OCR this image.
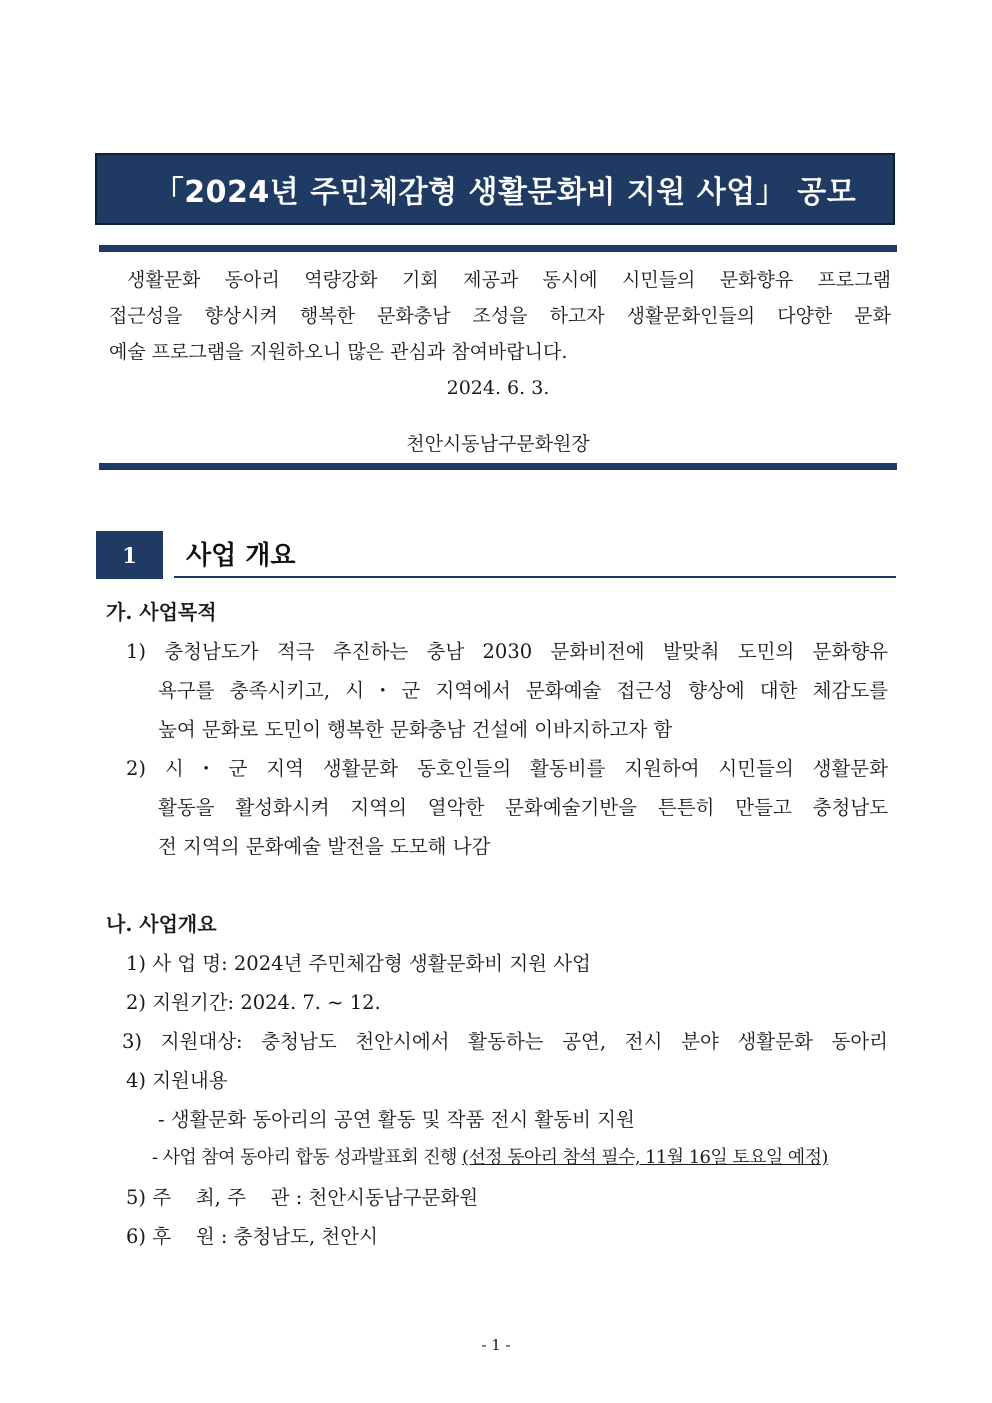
「2024년 주민체감형 생활문화비 지원 사업」 공모
생활문화 동아리 역량강화 기회 제공과 동시에 시민들의 문화향유 프로그램
접근성을 향상시켜 행복한 문화충남 조성을 하고자 생활문화인들의 다양한 문화
예술 프로그램을 지원하오니 많은 관심과 참여바랍니다.
2024. 6. 3.
천안시동남구문화원장
1	사업 개요
가. 사업목적
1) 충청남도가 적극 추진하는 충남 2030 문화비전에 발맞춰 도민의 문화향유
욕구를 충족시키고, 시・군 지역에서 문화예술 접근성 향상에 대한 체감도를
높여 문화로 도민이 행복한 문화충남 건설에 이바지하고자 함
2) 시・군 지역 생활문화 동호인들의 활동비를 지원하여 시민들의 생활문화
활동을 활성화시켜 지역의 열악한 문화예술기반을 튼튼히 만들고 충청남도
전 지역의 문화예술 발전을 도모해 나감
나. 사업개요
1) 사 업 명: 2024년 주민체감형 생활문화비 지원 사업
2) 지원기간: 2024. 7. ~ 12.
3) 지원대상: 충청남도 천안시에서 활동하는 공연, 전시 분야 생활문화 동아리
4) 지원내용
- 생활문화 동아리의 공연 활동 및 작품 전시 활동비 지원
- 사업 참여 동아리 합동 성과발표회 진행 (선정 동아리 참석 필수, 11월 16일 토요일 예정)
5) 주    최, 주    관 : 천안시동남구문화원
6) 후    원 : 충청남도, 천안시
- 1 -
